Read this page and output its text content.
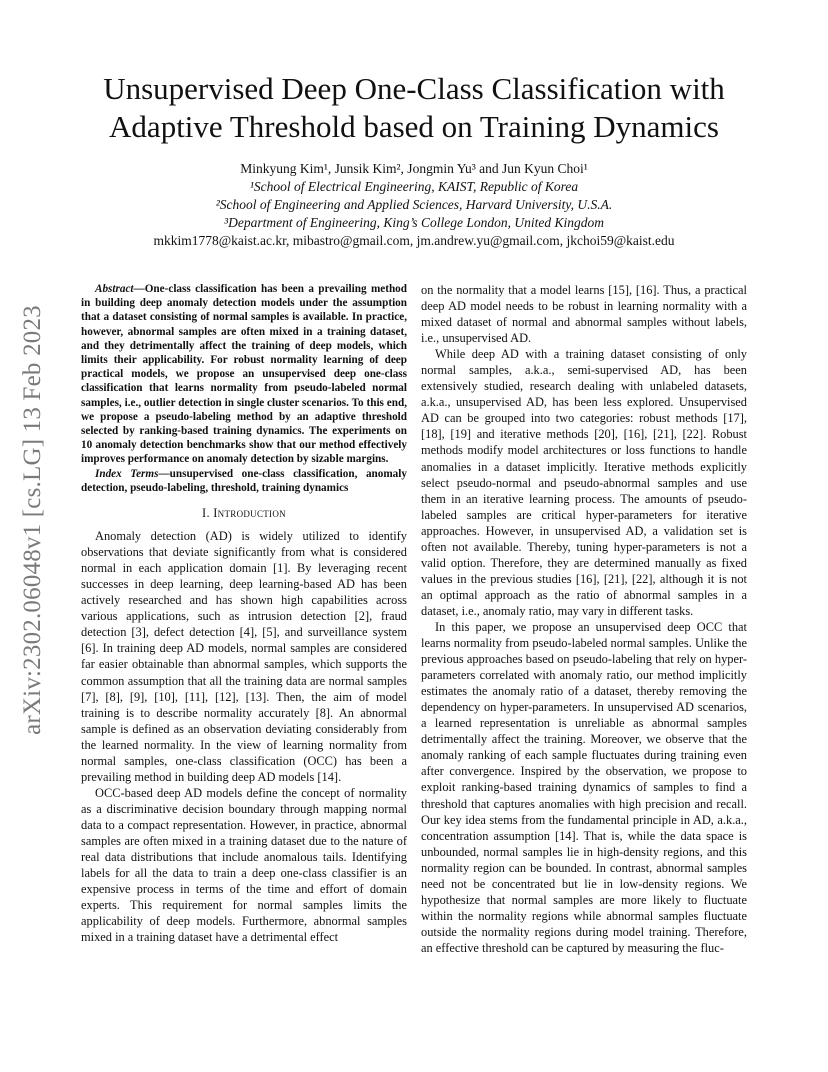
arXiv:2302.06048v1 [cs.LG] 13 Feb 2023
Unsupervised Deep One-Class Classification with
Adaptive Threshold based on Training Dynamics
Minkyung Kim¹, Junsik Kim², Jongmin Yu³ and Jun Kyun Choi¹
¹School of Electrical Engineering, KAIST, Republic of Korea
²School of Engineering and Applied Sciences, Harvard University, U.S.A.
³Department of Engineering, King’s College London, United Kingdom
mkkim1778@kaist.ac.kr, mibastro@gmail.com, jm.andrew.yu@gmail.com, jkchoi59@kaist.edu

Abstract—One-class classification has been a prevailing method in building deep anomaly detection models under the assumption that a dataset consisting of normal samples is available. In practice, however, abnormal samples are often mixed in a training dataset, and they detrimentally affect the training of deep models, which limits their applicability. For robust normality learning of deep practical models, we propose an unsupervised deep one-class classification that learns normality from pseudo-labeled normal samples, i.e., outlier detection in single cluster scenarios. To this end, we propose a pseudo-labeling method by an adaptive threshold selected by ranking-based training dynamics. The experiments on 10 anomaly detection benchmarks show that our method effectively improves performance on anomaly detection by sizable margins.

Index Terms—unsupervised one-class classification, anomaly detection, pseudo-labeling, threshold, training dynamics

I. Introduction

Anomaly detection (AD) is widely utilized to identify observations that deviate significantly from what is considered normal in each application domain [1]. By leveraging recent successes in deep learning, deep learning-based AD has been actively researched and has shown high capabilities across various applications, such as intrusion detection [2], fraud detection [3], defect detection [4], [5], and surveillance system [6]. In training deep AD models, normal samples are considered far easier obtainable than abnormal samples, which supports the common assumption that all the training data are normal samples [7], [8], [9], [10], [11], [12], [13]. Then, the aim of model training is to describe normality accurately [8]. An abnormal sample is defined as an observation deviating considerably from the learned normality. In the view of learning normality from normal samples, one-class classification (OCC) has been a prevailing method in building deep AD models [14].

OCC-based deep AD models define the concept of normality as a discriminative decision boundary through mapping normal data to a compact representation. However, in practice, abnormal samples are often mixed in a training dataset due to the nature of real data distributions that include anomalous tails. Identifying labels for all the data to train a deep one-class classifier is an expensive process in terms of the time and effort of domain experts. This requirement for normal samples limits the applicability of deep models. Furthermore, abnormal samples mixed in a training dataset have a detrimental effect

on the normality that a model learns [15], [16]. Thus, a practical deep AD model needs to be robust in learning normality with a mixed dataset of normal and abnormal samples without labels, i.e., unsupervised AD.

While deep AD with a training dataset consisting of only normal samples, a.k.a., semi-supervised AD, has been extensively studied, research dealing with unlabeled datasets, a.k.a., unsupervised AD, has been less explored. Unsupervised AD can be grouped into two categories: robust methods [17], [18], [19] and iterative methods [20], [16], [21], [22]. Robust methods modify model architectures or loss functions to handle anomalies in a dataset implicitly. Iterative methods explicitly select pseudo-normal and pseudo-abnormal samples and use them in an iterative learning process. The amounts of pseudo-labeled samples are critical hyper-parameters for iterative approaches. However, in unsupervised AD, a validation set is often not available. Thereby, tuning hyper-parameters is not a valid option. Therefore, they are determined manually as fixed values in the previous studies [16], [21], [22], although it is not an optimal approach as the ratio of abnormal samples in a dataset, i.e., anomaly ratio, may vary in different tasks.

In this paper, we propose an unsupervised deep OCC that learns normality from pseudo-labeled normal samples. Unlike the previous approaches based on pseudo-labeling that rely on hyper-parameters correlated with anomaly ratio, our method implicitly estimates the anomaly ratio of a dataset, thereby removing the dependency on hyper-parameters. In unsupervised AD scenarios, a learned representation is unreliable as abnormal samples detrimentally affect the training. Moreover, we observe that the anomaly ranking of each sample fluctuates during training even after convergence. Inspired by the observation, we propose to exploit ranking-based training dynamics of samples to find a threshold that captures anomalies with high precision and recall. Our key idea stems from the fundamental principle in AD, a.k.a., concentration assumption [14]. That is, while the data space is unbounded, normal samples lie in high-density regions, and this normality region can be bounded. In contrast, abnormal samples need not be concentrated but lie in low-density regions. We hypothesize that normal samples are more likely to fluctuate within the normality regions while abnormal samples fluctuate outside the normality regions during model training. Therefore, an effective threshold can be captured by measuring the fluc-
